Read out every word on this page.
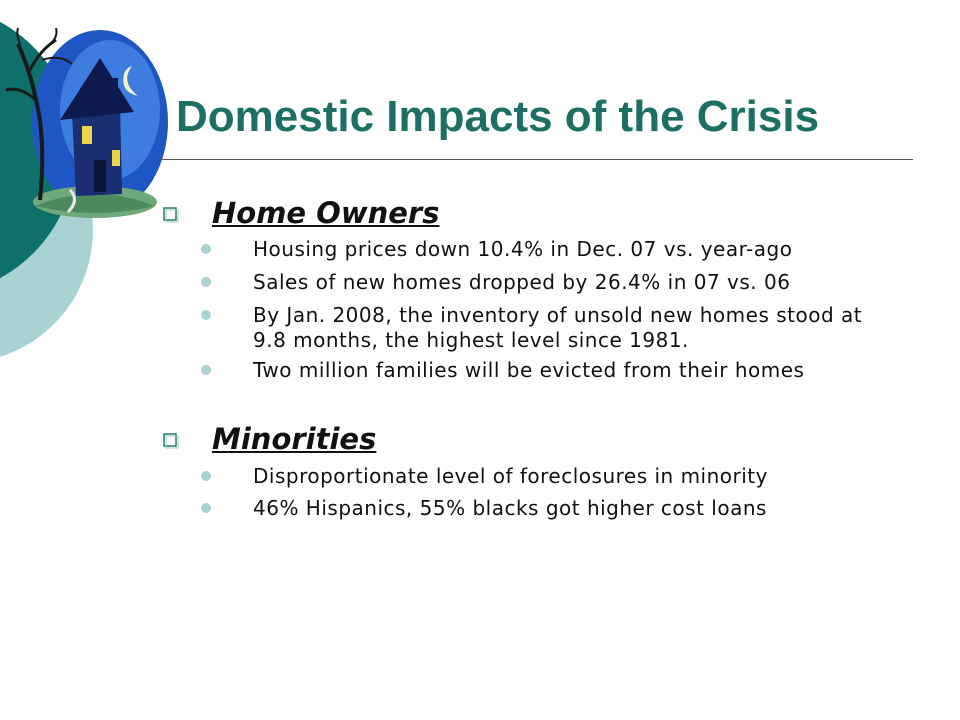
Domestic Impacts of the Crisis
Home Owners
Housing prices down 10.4% in Dec. 07 vs. year-ago
Sales of new homes dropped by 26.4% in 07 vs. 06
By Jan. 2008, the inventory of unsold new homes stood at 9.8 months, the highest level since 1981.
Two million families will be evicted from their homes
Minorities
Disproportionate level of foreclosures in minority
46% Hispanics, 55% blacks got higher cost loans
